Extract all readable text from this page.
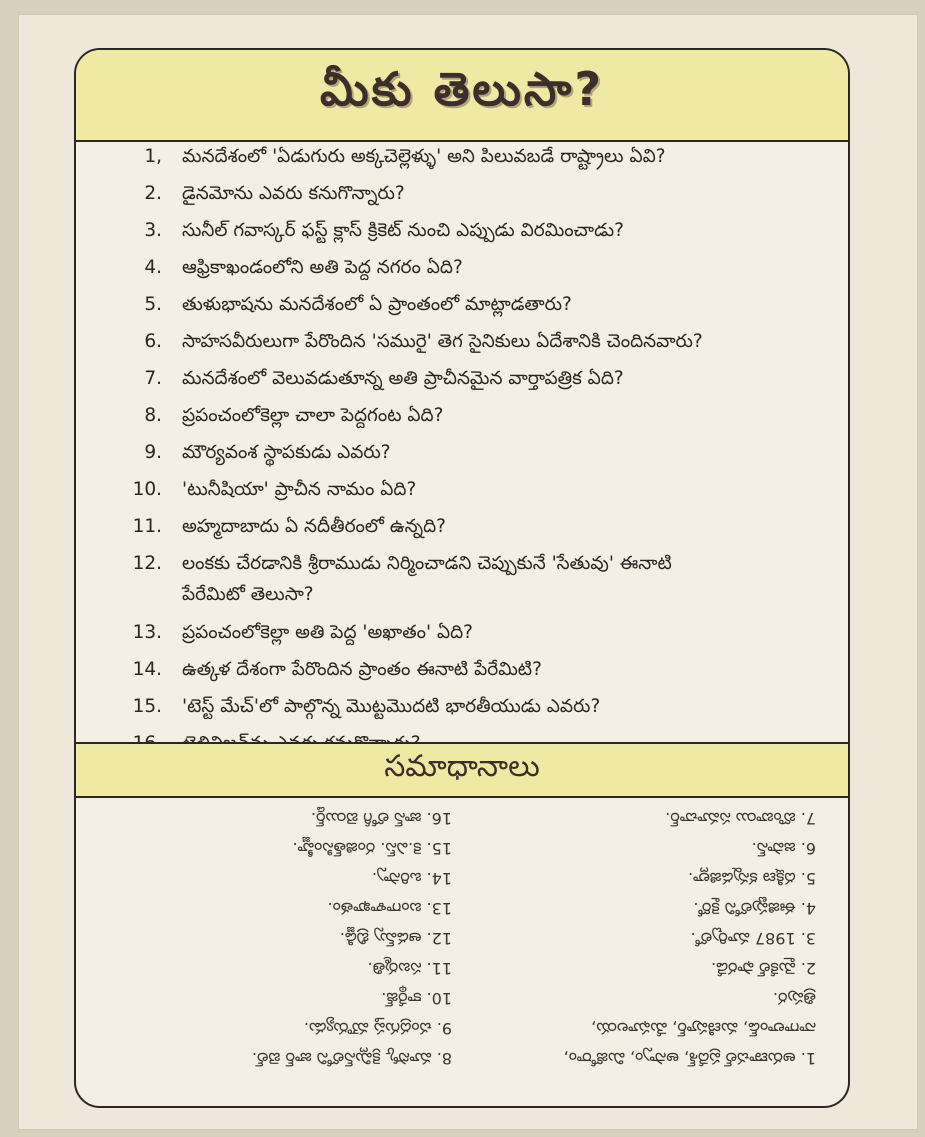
మీకు తెలుసా?
1, మనదేశంలో 'ఏడుగురు అక్కచెల్లెళ్ళు' అని పిలువబడే రాష్ట్రాలు ఏవి?
2. డైనమోను ఎవరు కనుగొన్నారు?
3. సునీల్ గవాస్కర్ ఫస్ట్ క్లాస్ క్రికెట్ నుంచి ఎప్పుడు విరమించాడు?
4. ఆఫ్రికాఖండంలోని అతి పెద్ద నగరం ఏది?
5. తుళుభాషను మనదేశంలో ఏ ప్రాంతంలో మాట్లాడతారు?
6. సాహసవీరులుగా పేరొందిన 'సమురై' తెగ సైనికులు ఏదేశానికి చెందినవారు?
7. మనదేశంలో వెలువడుతూన్న అతి ప్రాచీనమైన వార్తాపత్రిక ఏది?
8. ప్రపంచంలోకెల్లా చాలా పెద్దగంట ఏది?
9. మౌర్యవంశ స్థాపకుడు ఎవరు?
10. 'టునీషియా' ప్రాచీన నామం ఏది?
11. అహ్మదాబాదు ఏ నదీతీరంలో ఉన్నది?
12. లంకకు చేరడానికి శ్రీరాముడు నిర్మించాడని చెప్పుకునే 'సేతువు' ఈనాటి
పేరేమిటో తెలుసా?
13. ప్రపంచంలోకెల్లా అతి పెద్ద 'అఖాతం' ఏది?
14. ఉత్కళ దేశంగా పేరొందిన ప్రాంతం ఈనాటి పేరేమిటి?
15. 'టెస్ట్ మేచ్'లో పాల్గొన్న మొట్టమొదటి భారతీయుడు ఎవరు?
సమాధానాలు
16. జాన్ లోగీ బెయిర్డ్.
15. కె.ఎస్. రంజిత్‌సింహ్జీ.
14. ఒరిస్సా.
13. బంగాళాఖాతం.
12. ఆడమ్స్ బ్రిడ్జి.
11. సబర్మతి.
10. కార్థేజ్.
9. చంద్రగుప్త మౌర్యుడు.
8. మాస్కో క్రెమ్లిన్‌లోని జార్ బెల్.
7. బొంబాయి సమాచార్.
6. జపాన్.
5. దక్షిణ కన్నడజిల్లా.
4. ఈజిప్టులోని కైరో.
3. 1987 మార్చిలో.
2. మైకేల్ ఫారడే.
త్రిపుర.
నాగాలాండ్, మణిపూర్, మేఘాలయ,
1. అరుణాచల్ ప్రదేశ్, అస్సాం, మిజోరాం,
